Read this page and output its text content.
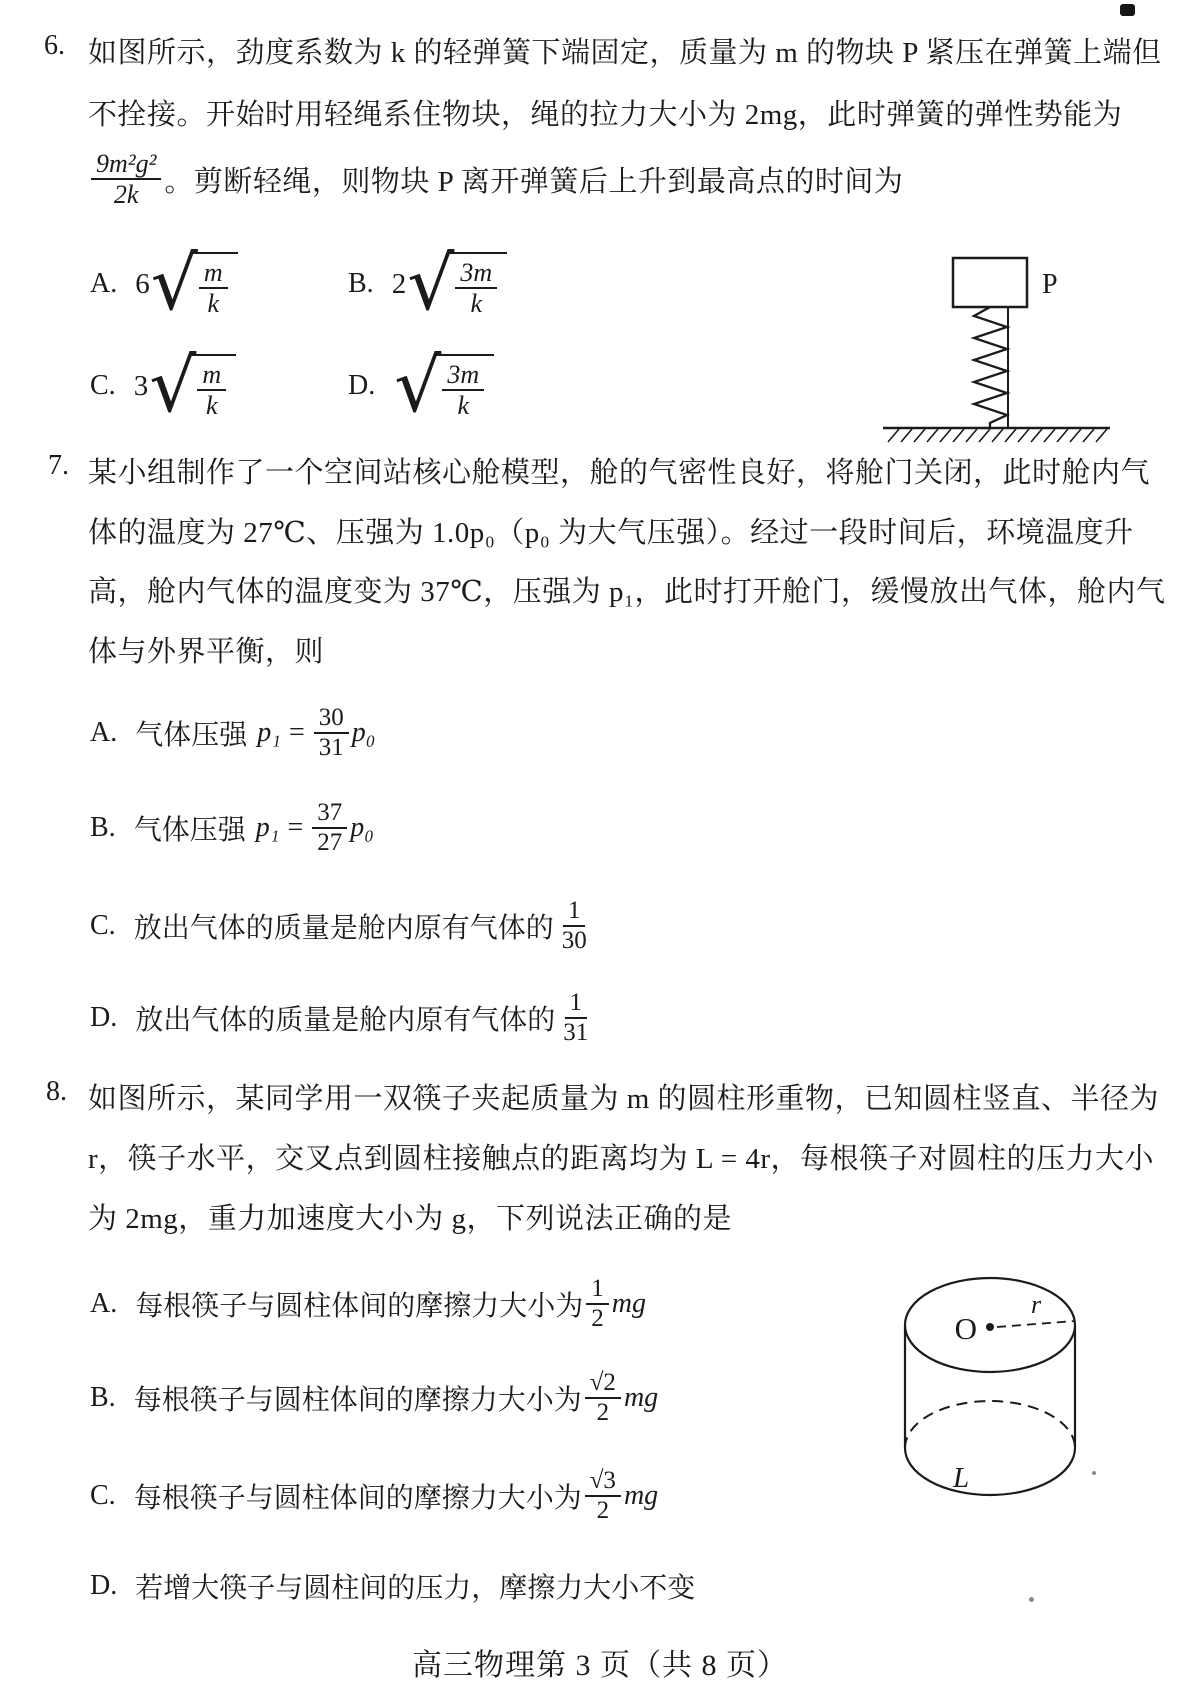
6. 如图所示，劲度系数为 k 的轻弹簧下端固定，质量为 m 的物块 P 紧压在弹簧上端但
不拴接。开始时用轻绳系住物块，绳的拉力大小为 2mg，此时弹簧的弹性势能为
$\frac{\text{9m²g²}}{2k}$ 。剪断轻绳，则物块 P 离开弹簧后上升到最高点的时间为
A. 6 √ $\frac{m}{k}$	B. 2 √ $\frac{3m}{k}$
C. 3 √ $\frac{m}{k}$	D. √ $\frac{3m}{k}$
P
7. 某小组制作了一个空间站核心舱模型，舱的气密性良好，将舱门关闭，此时舱内气
体的温度为 27℃、压强为 1.0p₀（p₀ 为大气压强）。经过一段时间后，环境温度升
高，舱内气体的温度变为 37℃，压强为 p₁，此时打开舱门，缓慢放出气体，舱内气
体与外界平衡，则
A. 气体压强 $p_1 = \frac{30}{31} p_0$
B. 气体压强 $p_1 = \frac{37}{27} p_0$
C. 放出气体的质量是舱内原有气体的 $\frac{1}{30}$
D. 放出气体的质量是舱内原有气体的 $\frac{1}{31}$
8. 如图所示，某同学用一双筷子夹起质量为 m 的圆柱形重物，已知圆柱竖直、半径为
r，筷子水平，交叉点到圆柱接触点的距离均为 L = 4r，每根筷子对圆柱的压力大小
为 2mg，重力加速度大小为 g，下列说法正确的是
A. 每根筷子与圆柱体间的摩擦力大小为 $\frac{1}{2}$ mg
B. 每根筷子与圆柱体间的摩擦力大小为 $\frac{√2}{2}$ mg
C. 每根筷子与圆柱体间的摩擦力大小为 $\frac{√3}{2}$ mg
D. 若增大筷子与圆柱间的压力，摩擦力大小不变
O
r
L
高三物理第 3 页（共 8 页）
